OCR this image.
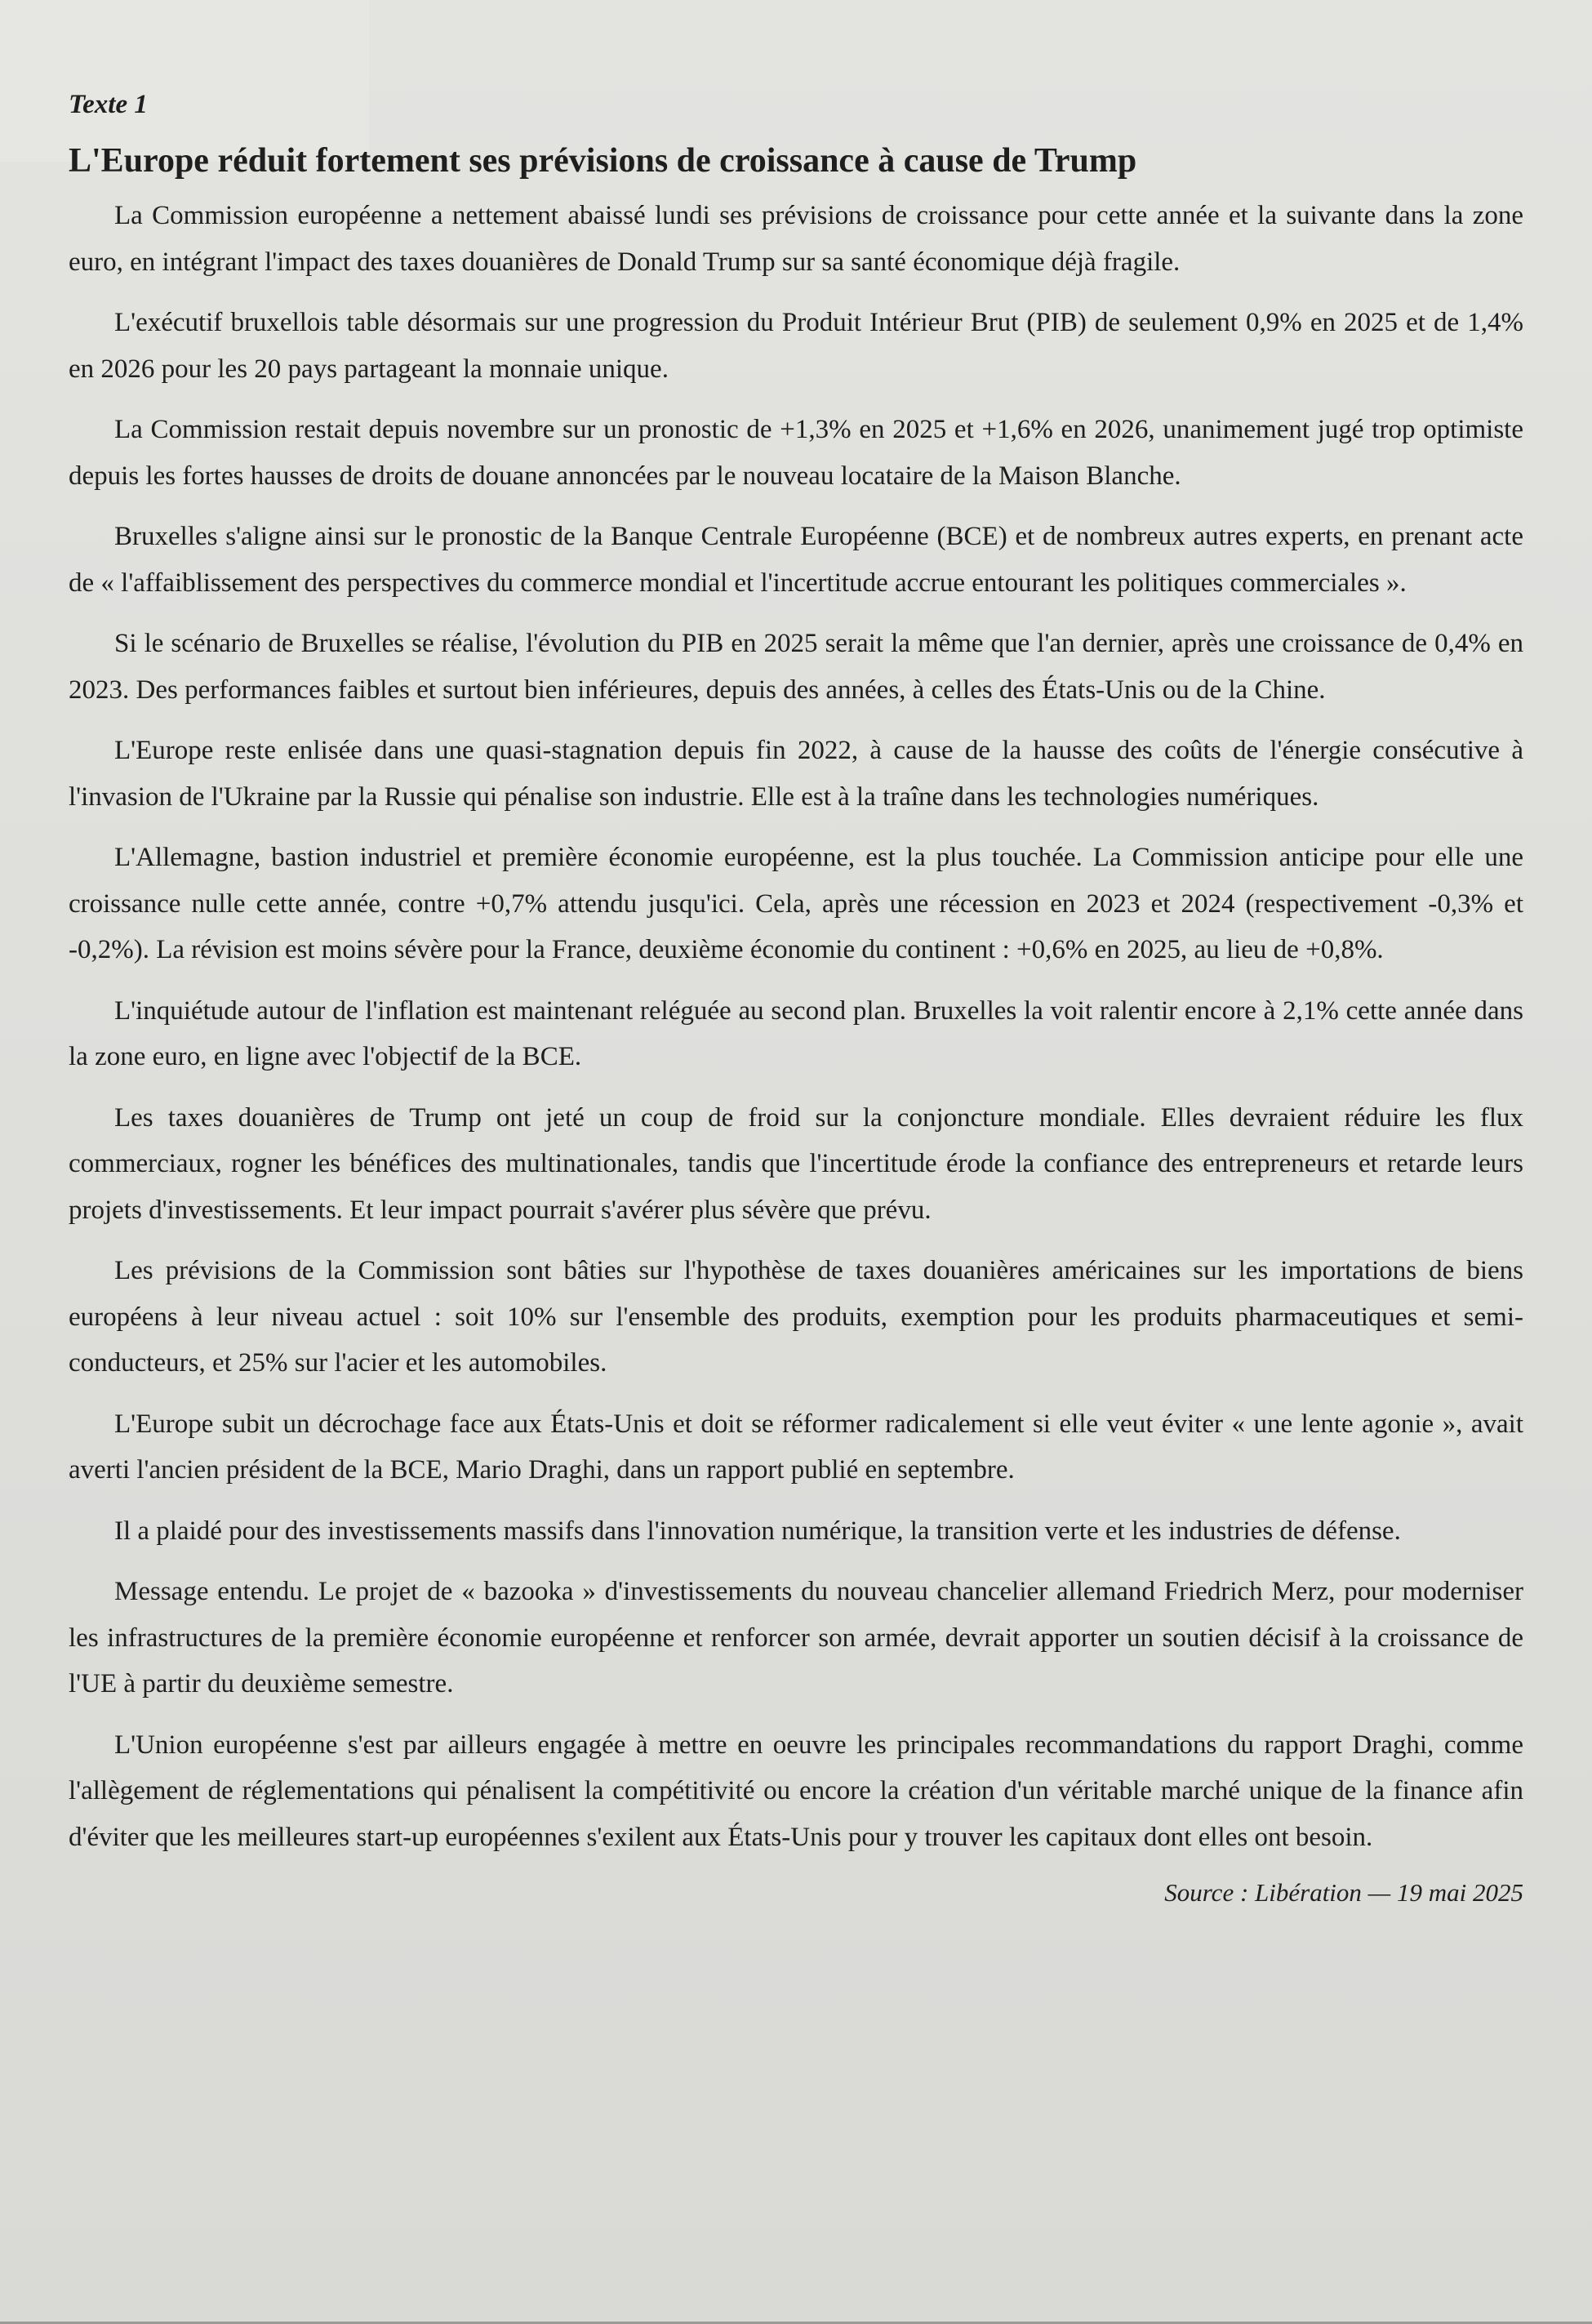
Texte 1

L'Europe réduit fortement ses prévisions de croissance à cause de Trump

La Commission européenne a nettement abaissé lundi ses prévisions de croissance pour cette année et la suivante dans la zone euro, en intégrant l'impact des taxes douanières de Donald Trump sur sa santé économique déjà fragile.

L'exécutif bruxellois table désormais sur une progression du Produit Intérieur Brut (PIB) de seulement 0,9% en 2025 et de 1,4% en 2026 pour les 20 pays partageant la monnaie unique.

La Commission restait depuis novembre sur un pronostic de +1,3% en 2025 et +1,6% en 2026, unanimement jugé trop optimiste depuis les fortes hausses de droits de douane annoncées par le nouveau locataire de la Maison Blanche.

Bruxelles s'aligne ainsi sur le pronostic de la Banque Centrale Européenne (BCE) et de nombreux autres experts, en prenant acte de « l'affaiblissement des perspectives du commerce mondial et l'incertitude accrue entourant les politiques commerciales ».

Si le scénario de Bruxelles se réalise, l'évolution du PIB en 2025 serait la même que l'an dernier, après une croissance de 0,4% en 2023. Des performances faibles et surtout bien inférieures, depuis des années, à celles des États-Unis ou de la Chine.

L'Europe reste enlisée dans une quasi-stagnation depuis fin 2022, à cause de la hausse des coûts de l'énergie consécutive à l'invasion de l'Ukraine par la Russie qui pénalise son industrie. Elle est à la traîne dans les technologies numériques.

L'Allemagne, bastion industriel et première économie européenne, est la plus touchée. La Commission anticipe pour elle une croissance nulle cette année, contre +0,7% attendu jusqu'ici. Cela, après une récession en 2023 et 2024 (respectivement -0,3% et -0,2%). La révision est moins sévère pour la France, deuxième économie du continent : +0,6% en 2025, au lieu de +0,8%.

L'inquiétude autour de l'inflation est maintenant reléguée au second plan. Bruxelles la voit ralentir encore à 2,1% cette année dans la zone euro, en ligne avec l'objectif de la BCE.

Les taxes douanières de Trump ont jeté un coup de froid sur la conjoncture mondiale. Elles devraient réduire les flux commerciaux, rogner les bénéfices des multinationales, tandis que l'incertitude érode la confiance des entrepreneurs et retarde leurs projets d'investissements. Et leur impact pourrait s'avérer plus sévère que prévu.

Les prévisions de la Commission sont bâties sur l'hypothèse de taxes douanières américaines sur les importations de biens européens à leur niveau actuel : soit 10% sur l'ensemble des produits, exemption pour les produits pharmaceutiques et semi-conducteurs, et 25% sur l'acier et les automobiles.

L'Europe subit un décrochage face aux États-Unis et doit se réformer radicalement si elle veut éviter « une lente agonie », avait averti l'ancien président de la BCE, Mario Draghi, dans un rapport publié en septembre.

Il a plaidé pour des investissements massifs dans l'innovation numérique, la transition verte et les industries de défense.

Message entendu. Le projet de « bazooka » d'investissements du nouveau chancelier allemand Friedrich Merz, pour moderniser les infrastructures de la première économie européenne et renforcer son armée, devrait apporter un soutien décisif à la croissance de l'UE à partir du deuxième semestre.

L'Union européenne s'est par ailleurs engagée à mettre en oeuvre les principales recommandations du rapport Draghi, comme l'allègement de réglementations qui pénalisent la compétitivité ou encore la création d'un véritable marché unique de la finance afin d'éviter que les meilleures start-up européennes s'exilent aux États-Unis pour y trouver les capitaux dont elles ont besoin.

Source : Libération — 19 mai 2025
